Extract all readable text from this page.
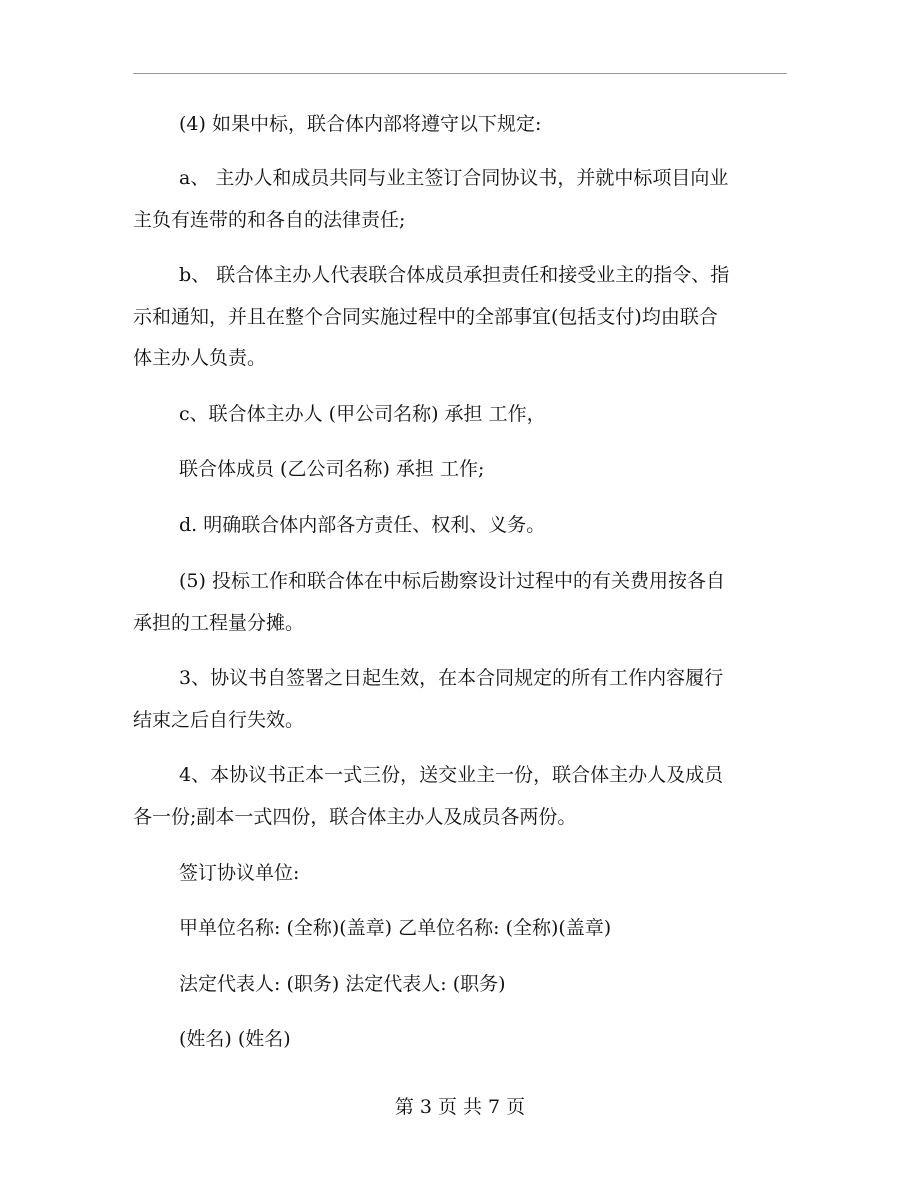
(4) 如果中标，联合体内部将遵守以下规定:

a、 主办人和成员共同与业主签订合同协议书，并就中标项目向业

主负有连带的和各自的法律责任;

b、 联合体主办人代表联合体成员承担责任和接受业主的指令、指

示和通知，并且在整个合同实施过程中的全部事宜(包括支付)均由联合

体主办人负责。

c、联合体主办人 (甲公司名称) 承担 工作，

联合体成员 (乙公司名称) 承担 工作;

d. 明确联合体内部各方责任、权利、义务。

(5) 投标工作和联合体在中标后勘察设计过程中的有关费用按各自

承担的工程量分摊。

3、协议书自签署之日起生效，在本合同规定的所有工作内容履行

结束之后自行失效。

4、本协议书正本一式三份，送交业主一份，联合体主办人及成员

各一份;副本一式四份，联合体主办人及成员各两份。

签订协议单位:

甲单位名称: (全称)(盖章) 乙单位名称: (全称)(盖章)

法定代表人: (职务) 法定代表人: (职务)

(姓名) (姓名)

第 3 页 共 7 页
